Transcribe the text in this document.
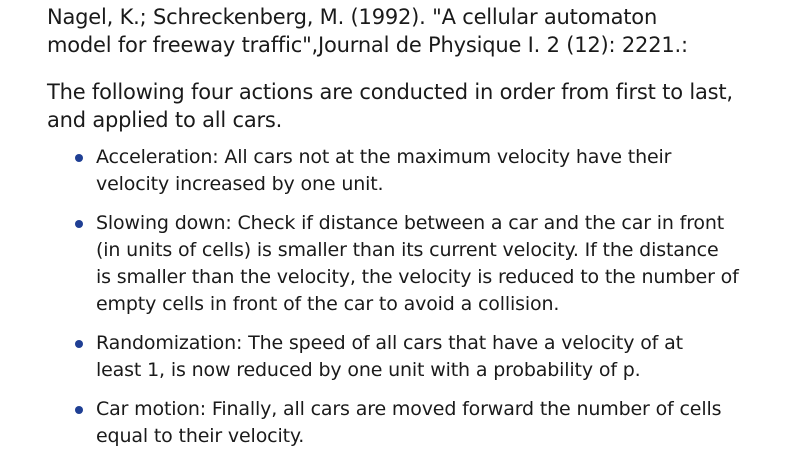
Nagel, K.; Schreckenberg, M. (1992). "A cellular automaton
model for freeway traffic",Journal de Physique I. 2 (12): 2221.:
The following four actions are conducted in order from first to last,
and applied to all cars.
Acceleration: All cars not at the maximum velocity have their
velocity increased by one unit.
Slowing down: Check if distance between a car and the car in front
(in units of cells) is smaller than its current velocity. If the distance
is smaller than the velocity, the velocity is reduced to the number of
empty cells in front of the car to avoid a collision.
Randomization: The speed of all cars that have a velocity of at
least 1, is now reduced by one unit with a probability of p.
Car motion: Finally, all cars are moved forward the number of cells
equal to their velocity.
